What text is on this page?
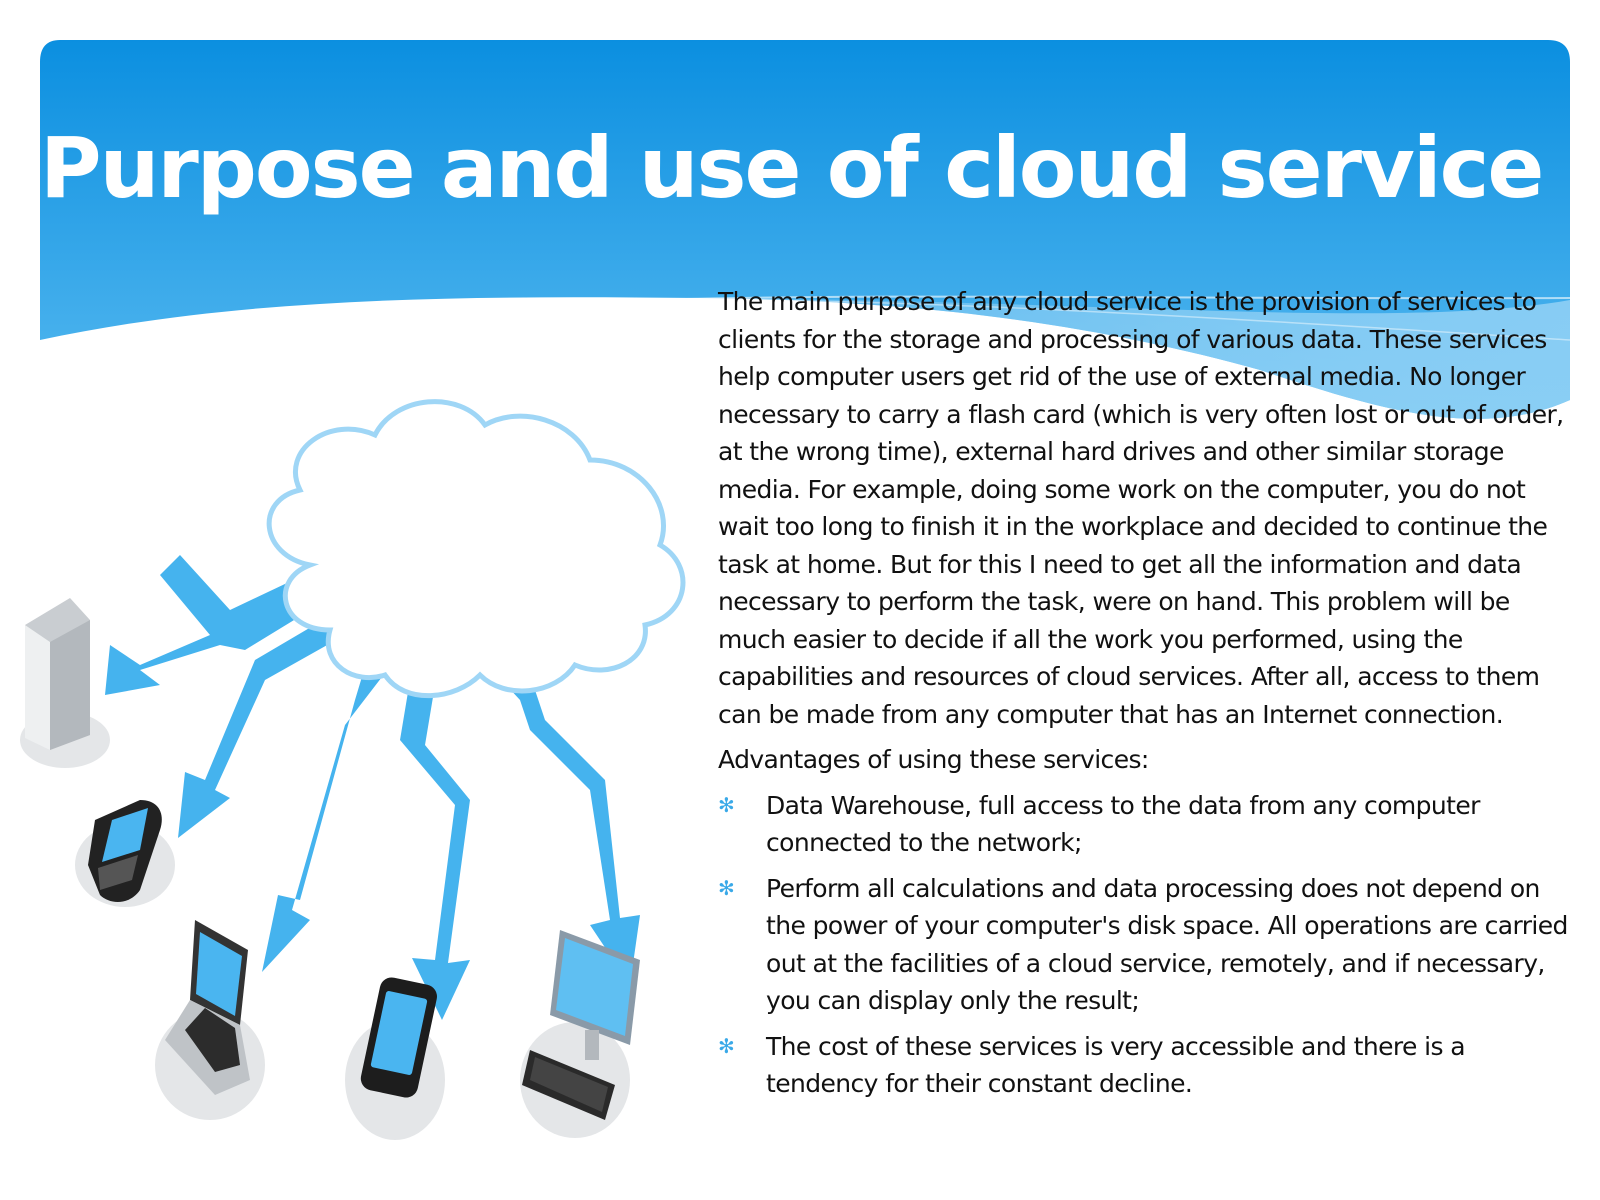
Purpose and use of cloud service

The main purpose of any cloud service is the provision of services to clients for the storage and processing of various data. These services help computer users get rid of the use of external media. No longer necessary to carry a flash card (which is very often lost or out of order, at the wrong time), external hard drives and other similar storage media. For example, doing some work on the computer, you do not wait too long to finish it in the workplace and decided to continue the task at home. But for this I need to get all the information and data necessary to perform the task, were on hand. This problem will be much easier to decide if all the work you performed, using the capabilities and resources of cloud services. After all, access to them can be made from any computer that has an Internet connection.

Advantages of using these services:

✻ Data Warehouse, full access to the data from any computer connected to the network;
✻ Perform all calculations and data processing does not depend on the power of your computer's disk space. All operations are carried out at the facilities of a cloud service, remotely, and if necessary, you can display only the result;
✻ The cost of these services is very accessible and there is a tendency for their constant decline.
